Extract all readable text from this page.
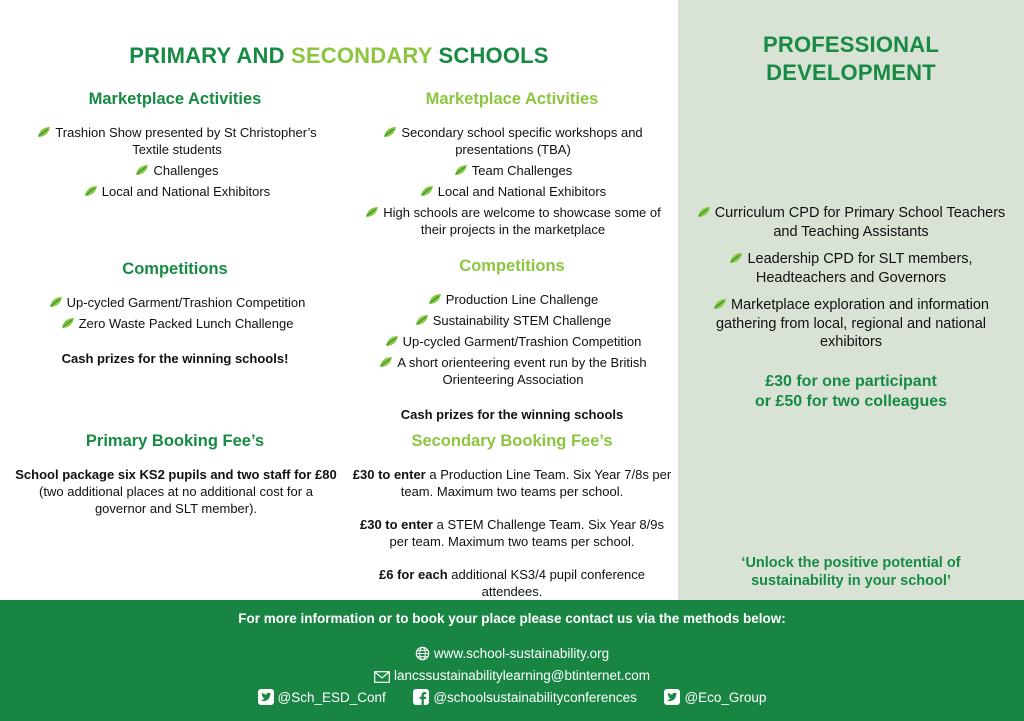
PRIMARY AND SECONDARY SCHOOLS
Marketplace Activities
Trashion Show presented by St Christopher’s Textile students
Challenges
Local and National Exhibitors
Competitions
Up-cycled Garment/Trashion Competition
Zero Waste Packed Lunch Challenge
Cash prizes for the winning schools!
Primary Booking Fee’s
School package six KS2 pupils and two staff for £80 (two additional places at no additional cost for a governor and SLT member).
Marketplace Activities
Secondary school specific workshops and presentations (TBA)
Team Challenges
Local and National Exhibitors
High schools are welcome to showcase some of their projects in the marketplace
Competitions
Production Line Challenge
Sustainability STEM Challenge
Up-cycled Garment/Trashion Competition
A short orienteering event run by the British Orienteering Association
Cash prizes for the winning schools
Secondary Booking Fee’s
£30 to enter a Production Line Team. Six Year 7/8s per team. Maximum two teams per school.
£30 to enter a STEM Challenge Team. Six Year 8/9s per team. Maximum two teams per school.
£6 for each additional KS3/4 pupil conference attendees.
PROFESSIONAL
DEVELOPMENT
Curriculum CPD for Primary School Teachers and Teaching Assistants
Leadership CPD for SLT members, Headteachers and Governors
Marketplace exploration and information gathering from local, regional and national exhibitors
£30 for one participant
or £50 for two colleagues
‘Unlock the positive potential of sustainability in your school’
For more information or to book your place please contact us via the methods below:
www.school-sustainability.org
lancssustainabilitylearning@btinternet.com
@Sch_ESD_Conf	@schoolsustainabilityconferences	@Eco_Group
